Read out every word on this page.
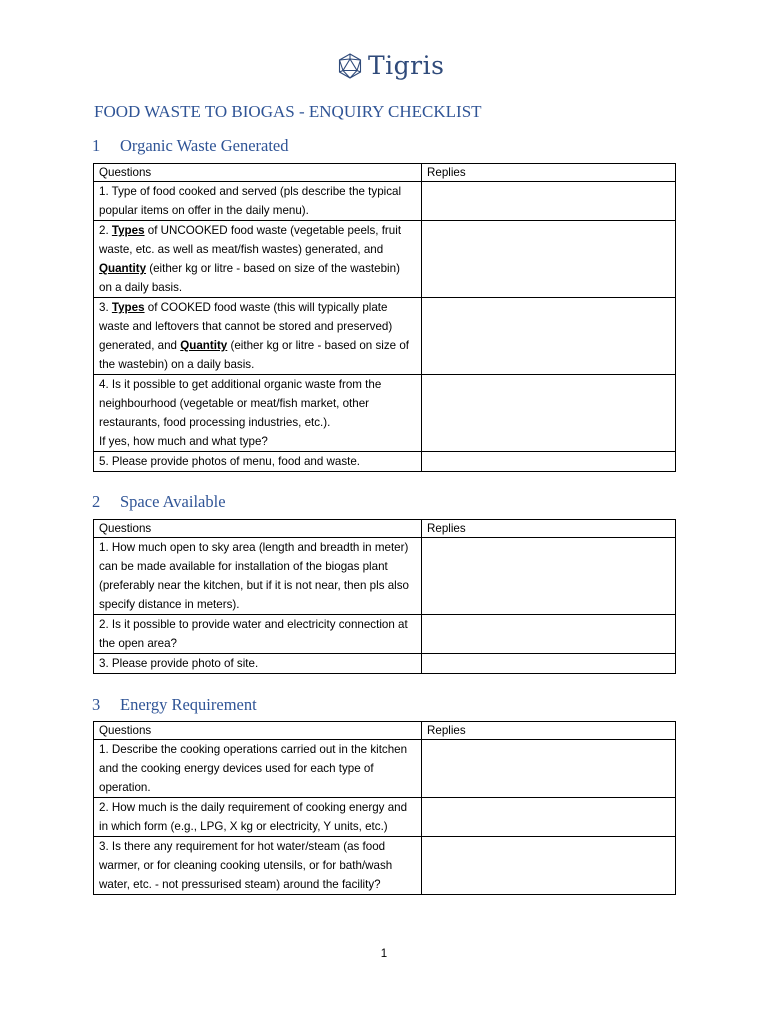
Tigris
FOOD WASTE TO BIOGAS - ENQUIRY CHECKLIST
1 Organic Waste Generated
Questions	Replies
1. Type of food cooked and served (pls describe the typical popular items on offer in the daily menu).	
2. Types of UNCOOKED food waste (vegetable peels, fruit waste, etc. as well as meat/fish wastes) generated, and Quantity (either kg or litre - based on size of the wastebin) on a daily basis.	
3. Types of COOKED food waste (this will typically plate waste and leftovers that cannot be stored and preserved) generated, and Quantity (either kg or litre - based on size of the wastebin) on a daily basis.	
4. Is it possible to get additional organic waste from the neighbourhood (vegetable or meat/fish market, other restaurants, food processing industries, etc.).
If yes, how much and what type?	
5. Please provide photos of menu, food and waste.	
2 Space Available
Questions	Replies
1. How much open to sky area (length and breadth in meter) can be made available for installation of the biogas plant (preferably near the kitchen, but if it is not near, then pls also specify distance in meters).	
2. Is it possible to provide water and electricity connection at the open area?	
3. Please provide photo of site.	
3 Energy Requirement
Questions	Replies
1. Describe the cooking operations carried out in the kitchen and the cooking energy devices used for each type of operation.	
2. How much is the daily requirement of cooking energy and in which form (e.g., LPG, X kg or electricity, Y units, etc.)	
3. Is there any requirement for hot water/steam (as food warmer, or for cleaning cooking utensils, or for bath/wash water, etc. - not pressurised steam) around the facility?	
1
